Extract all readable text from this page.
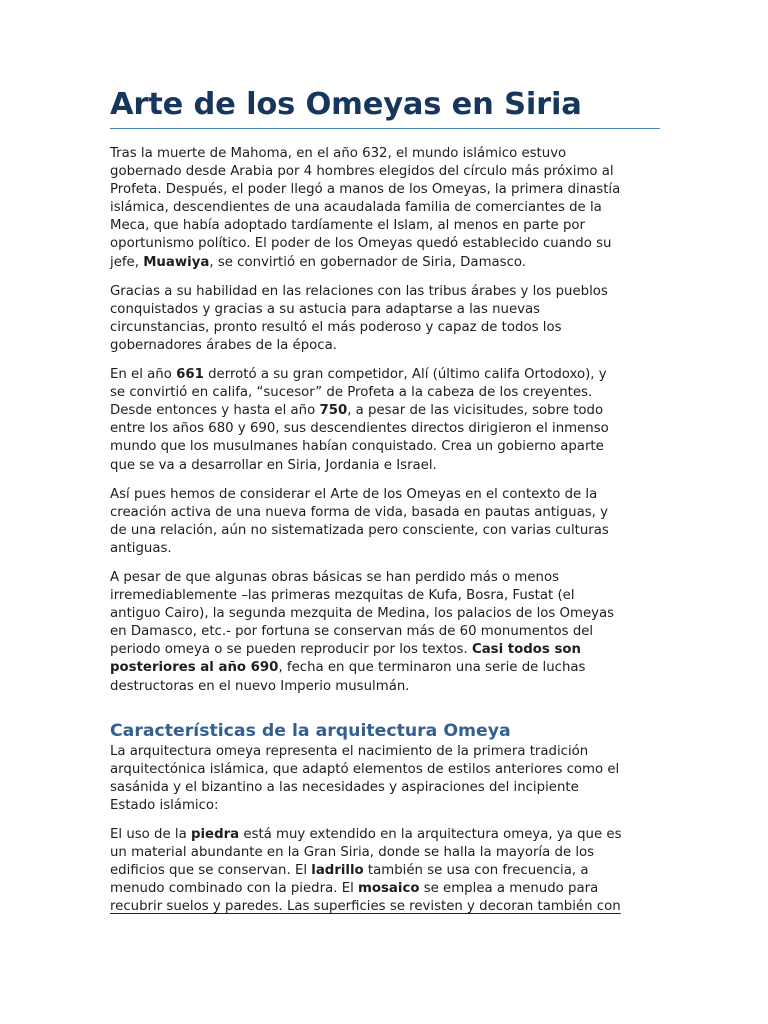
Arte de los Omeyas en Siria

Tras la muerte de Mahoma, en el año 632, el mundo islámico estuvo
gobernado desde Arabia por 4 hombres elegidos del círculo más próximo al
Profeta. Después, el poder llegó a manos de los Omeyas, la primera dinastía
islámica, descendientes de una acaudalada familia de comerciantes de la
Meca, que había adoptado tardíamente el Islam, al menos en parte por
oportunismo político. El poder de los Omeyas quedó establecido cuando su
jefe, Muawiya, se convirtió en gobernador de Siria, Damasco.

Gracias a su habilidad en las relaciones con las tribus árabes y los pueblos
conquistados y gracias a su astucia para adaptarse a las nuevas
circunstancias, pronto resultó el más poderoso y capaz de todos los
gobernadores árabes de la época.

En el año 661 derrotó a su gran competidor, Alí (último califa Ortodoxo), y
se convirtió en califa, “sucesor” de Profeta a la cabeza de los creyentes.
Desde entonces y hasta el año 750, a pesar de las vicisitudes, sobre todo
entre los años 680 y 690, sus descendientes directos dirigieron el inmenso
mundo que los musulmanes habían conquistado. Crea un gobierno aparte
que se va a desarrollar en Siria, Jordania e Israel.

Así pues hemos de considerar el Arte de los Omeyas en el contexto de la
creación activa de una nueva forma de vida, basada en pautas antiguas, y
de una relación, aún no sistematizada pero consciente, con varias culturas
antiguas.

A pesar de que algunas obras básicas se han perdido más o menos
irremediablemente –las primeras mezquitas de Kufa, Bosra, Fustat (el
antiguo Cairo), la segunda mezquita de Medina, los palacios de los Omeyas
en Damasco, etc.- por fortuna se conservan más de 60 monumentos del
periodo omeya o se pueden reproducir por los textos. Casi todos son
posteriores al año 690, fecha en que terminaron una serie de luchas
destructoras en el nuevo Imperio musulmán.

Características de la arquitectura Omeya

La arquitectura omeya representa el nacimiento de la primera tradición
arquitectónica islámica, que adaptó elementos de estilos anteriores como el
sasánida y el bizantino a las necesidades y aspiraciones del incipiente
Estado islámico:

El uso de la piedra está muy extendido en la arquitectura omeya, ya que es
un material abundante en la Gran Siria, donde se halla la mayoría de los
edificios que se conservan. El ladrillo también se usa con frecuencia, a
menudo combinado con la piedra. El mosaico se emplea a menudo para
recubrir suelos y paredes. Las superficies se revisten y decoran también con
